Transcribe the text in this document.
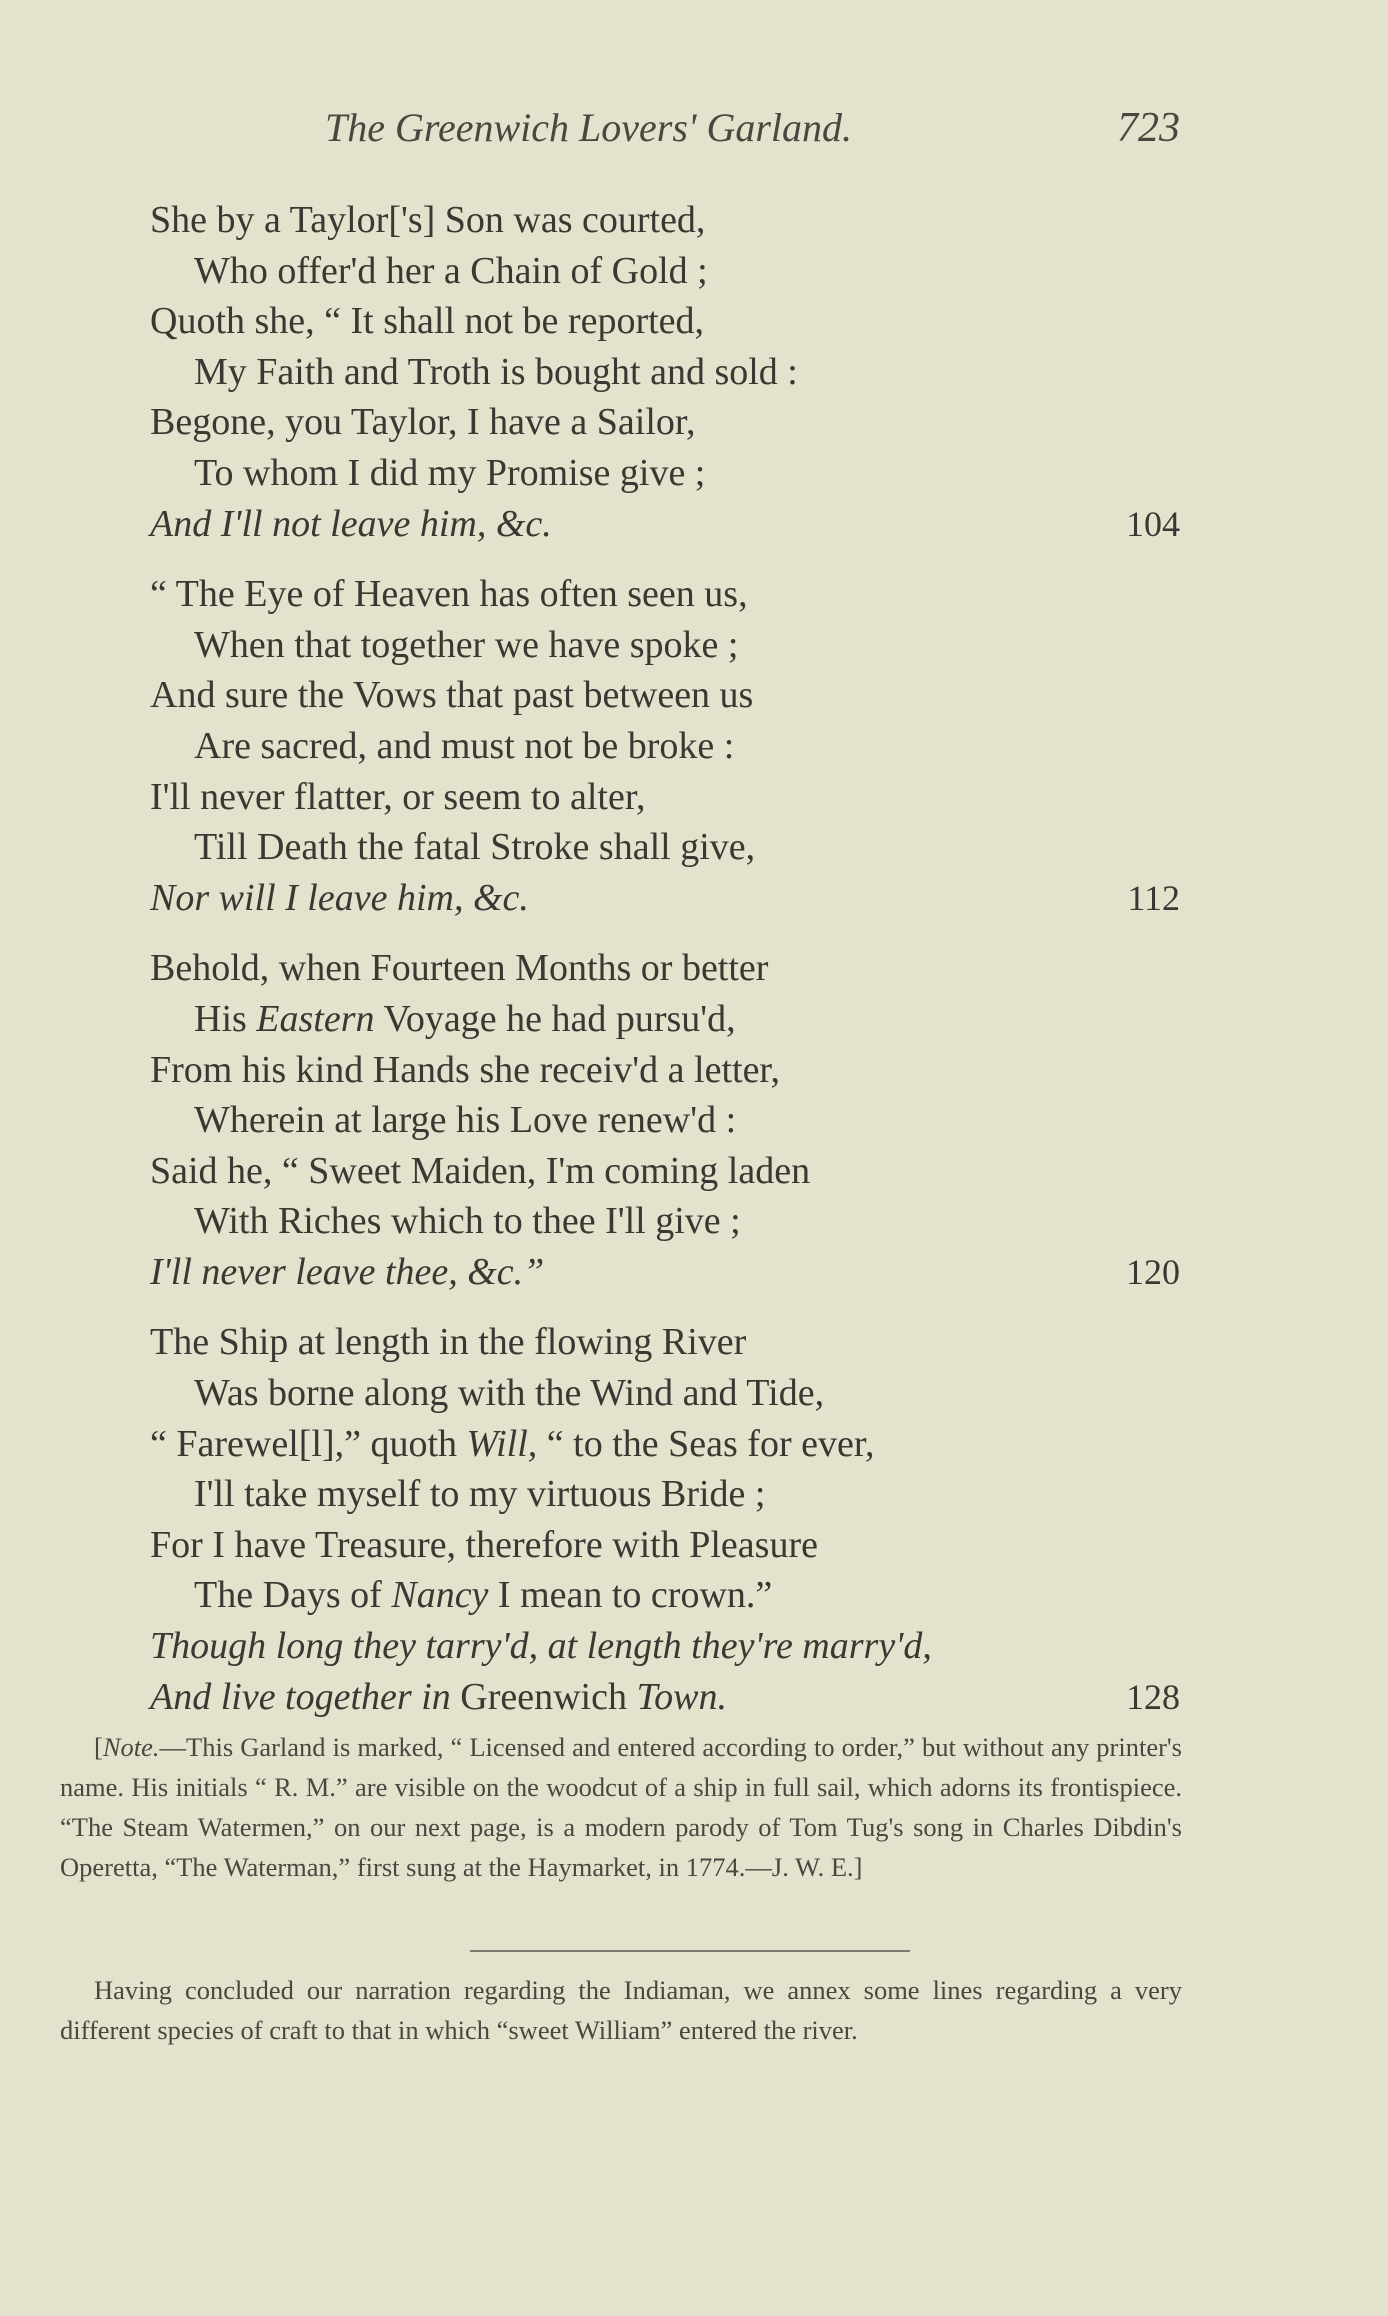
The Greenwich Lovers' Garland.	723
She by a Taylor['s] Son was courted,
Who offer'd her a Chain of Gold ;
Quoth she, “ It shall not be reported,
My Faith and Troth is bought and sold :
Begone, you Taylor, I have a Sailor,
To whom I did my Promise give ;
And I'll not leave him, &c.	104
“ The Eye of Heaven has often seen us,
When that together we have spoke ;
And sure the Vows that past between us
Are sacred, and must not be broke :
I'll never flatter, or seem to alter,
Till Death the fatal Stroke shall give,
Nor will I leave him, &c.	112
Behold, when Fourteen Months or better
His Eastern Voyage he had pursu'd,
From his kind Hands she receiv'd a letter,
Wherein at large his Love renew'd :
Said he, “ Sweet Maiden, I'm coming laden
With Riches which to thee I'll give ;
I'll never leave thee, &c.”	120
The Ship at length in the flowing River
Was borne along with the Wind and Tide,
“ Farewel[l],” quoth Will, “ to the Seas for ever,
I'll take myself to my virtuous Bride ;
For I have Treasure, therefore with Pleasure
The Days of Nancy I mean to crown.”
Though long they tarry'd, at length they're marry'd,
And live together in Greenwich Town.	128

[Note.—This Garland is marked, “ Licensed and entered according to order,” but without any printer's name. His initials “ R. M.” are visible on the woodcut of a ship in full sail, which adorns its frontispiece. “The Steam Watermen,” on our next page, is a modern parody of Tom Tug's song in Charles Dibdin's Operetta, “The Waterman,” first sung at the Haymarket, in 1774.—J. W. E.]

Having concluded our narration regarding the Indiaman, we annex some lines regarding a very different species of craft to that in which “sweet William” entered the river.
